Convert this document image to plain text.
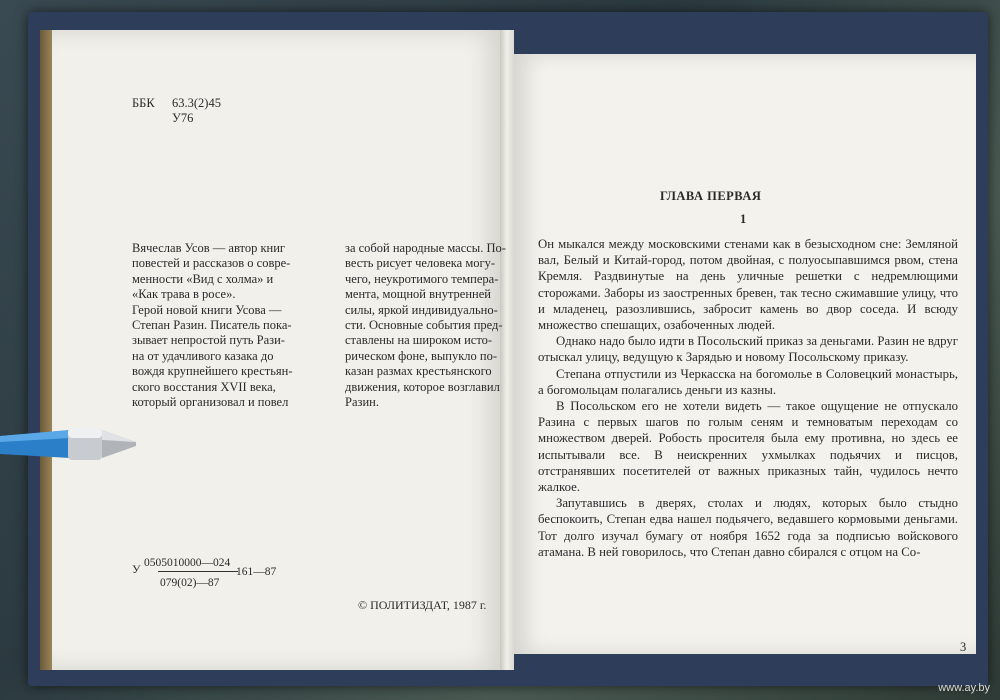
ББК	63.3(2)45
У76
Вячеслав Усов — автор книг
повестей и рассказов о совре-
менности «Вид с холма» и
«Как трава в росе».
Герой новой книги Усова —
Степан Разин. Писатель пока-
зывает непростой путь Рази-
на от удачливого казака до
вождя крупнейшего крестьян-
ского восстания XVII века,
который организовал и повел
за собой народные массы. По-
весть рисует человека могу-
чего, неукротимого темпера-
мента, мощной внутренней
силы, яркой индивидуально-
сти. Основные события пред-
ставлены на широком исто-
рическом фоне, выпукло по-
казан размах крестьянского
движения, которое возглавил
Разин.
У 0505010000—024
079(02)—87
161—87
© ПОЛИТИЗДАТ, 1987 г.
ГЛАВА ПЕРВАЯ
1

Он мыкался между московскими стенами как в безысходном сне: Земляной вал, Белый и Китай-город, потом двойная, с полуосыпавшимся рвом, стена Кремля. Раздвинутые на день уличные решетки с недремлющими сторожами. Заборы из заостренных бревен, так тесно сжимавшие улицу, что и младенец, разозлившись, забросит камень во двор соседа. И всюду множество спешащих, озабоченных людей.

Однако надо было идти в Посольский приказ за деньгами. Разин не вдруг отыскал улицу, ведущую к Зарядью и новому Посольскому приказу.

Степана отпустили из Черкасска на богомолье в Соловецкий монастырь, а богомольцам полагались деньги из казны.

В Посольском его не хотели видеть — такое ощущение не отпускало Разина с первых шагов по голым сеням и темноватым переходам со множеством дверей. Робость просителя была ему противна, но здесь ее испытывали все. В неискренних ухмылках подьячих и писцов, отстранявших посетителей от важных приказных тайн, чудилось нечто жалкое.

Запутавшись в дверях, столах и людях, которых было стыдно беспокоить, Степан едва нашел подьячего, ведавшего кормовыми деньгами. Тот долго изучал бумагу от ноября 1652 года за подписью войскового атамана. В ней говорилось, что Степан давно сбирался с отцом на Со-

3
www.ay.by
